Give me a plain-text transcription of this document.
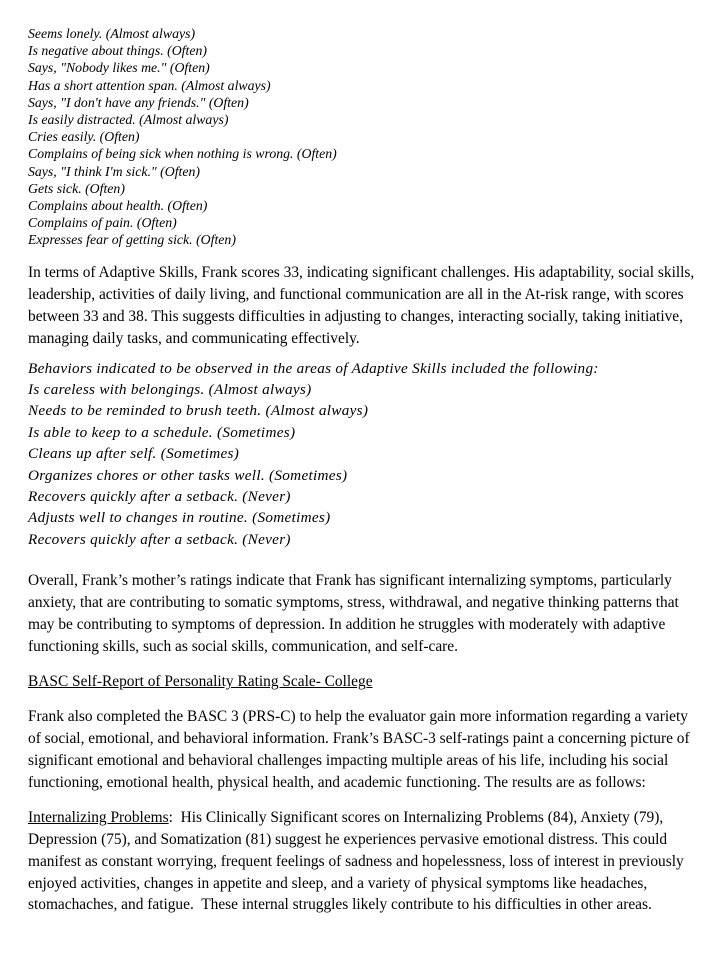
Seems lonely. (Almost always)
Is negative about things. (Often)
Says, "Nobody likes me." (Often)
Has a short attention span. (Almost always)
Says, "I don't have any friends." (Often)
Is easily distracted. (Almost always)
Cries easily. (Often)
Complains of being sick when nothing is wrong. (Often)
Says, "I think I'm sick." (Often)
Gets sick. (Often)
Complains about health. (Often)
Complains of pain. (Often)
Expresses fear of getting sick. (Often)

In terms of Adaptive Skills, Frank scores 33, indicating significant challenges. His adaptability, social skills, leadership, activities of daily living, and functional communication are all in the At-risk range, with scores between 33 and 38. This suggests difficulties in adjusting to changes, interacting socially, taking initiative, managing daily tasks, and communicating effectively.

Behaviors indicated to be observed in the areas of Adaptive Skills included the following:

Is careless with belongings. (Almost always)
Needs to be reminded to brush teeth. (Almost always)
Is able to keep to a schedule. (Sometimes)
Cleans up after self. (Sometimes)
Organizes chores or other tasks well. (Sometimes)
Recovers quickly after a setback. (Never)
Adjusts well to changes in routine. (Sometimes)
Recovers quickly after a setback. (Never)

Overall, Frank’s mother’s ratings indicate that Frank has significant internalizing symptoms, particularly anxiety, that are contributing to somatic symptoms, stress, withdrawal, and negative thinking patterns that may be contributing to symptoms of depression. In addition he struggles with moderately with adaptive functioning skills, such as social skills, communication, and self-care.

BASC Self-Report of Personality Rating Scale- College

Frank also completed the BASC 3 (PRS-C) to help the evaluator gain more information regarding a variety of social, emotional, and behavioral information. Frank’s BASC-3 self-ratings paint a concerning picture of significant emotional and behavioral challenges impacting multiple areas of his life, including his social functioning, emotional health, physical health, and academic functioning. The results are as follows:

Internalizing Problems:  His Clinically Significant scores on Internalizing Problems (84), Anxiety (79), Depression (75), and Somatization (81) suggest he experiences pervasive emotional distress. This could manifest as constant worrying, frequent feelings of sadness and hopelessness, loss of interest in previously enjoyed activities, changes in appetite and sleep, and a variety of physical symptoms like headaches, stomachaches, and fatigue.  These internal struggles likely contribute to his difficulties in other areas.
